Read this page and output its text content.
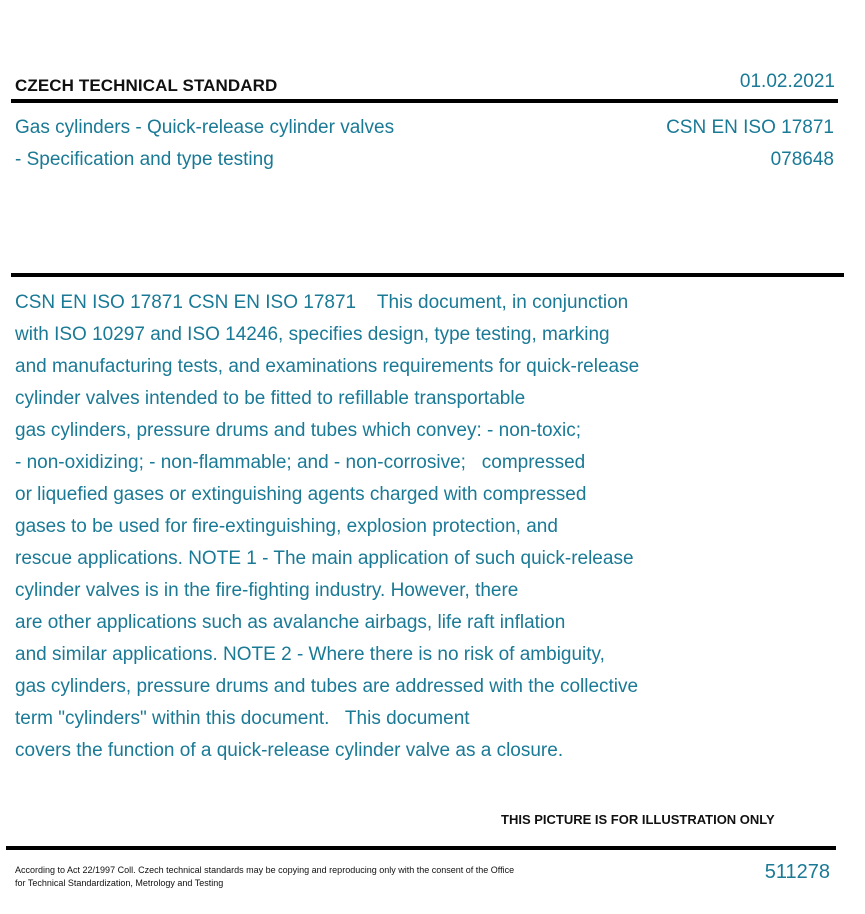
CZECH TECHNICAL STANDARD	01.02.2021
Gas cylinders - Quick-release cylinder valves
- Specification and type testing
CSN EN ISO 17871
078648
CSN EN ISO 17871 CSN EN ISO 17871    This document, in conjunction
with ISO 10297 and ISO 14246, specifies design, type testing, marking
and manufacturing tests, and examinations requirements for quick-release
cylinder valves intended to be fitted to refillable transportable
gas cylinders, pressure drums and tubes which convey: - non-toxic;
- non-oxidizing; - non-flammable; and - non-corrosive;   compressed
or liquefied gases or extinguishing agents charged with compressed
gases to be used for fire-extinguishing, explosion protection, and
rescue applications. NOTE 1 - The main application of such quick-release
cylinder valves is in the fire-fighting industry. However, there
are other applications such as avalanche airbags, life raft inflation
and similar applications. NOTE 2 - Where there is no risk of ambiguity,
gas cylinders, pressure drums and tubes are addressed with the collective
term "cylinders" within this document.   This document
covers the function of a quick-release cylinder valve as a closure.
THIS PICTURE IS FOR ILLUSTRATION ONLY
According to Act 22/1997 Coll. Czech technical standards may be copying and reproducing only with the consent of the Office
for Technical Standardization, Metrology and Testing	511278
